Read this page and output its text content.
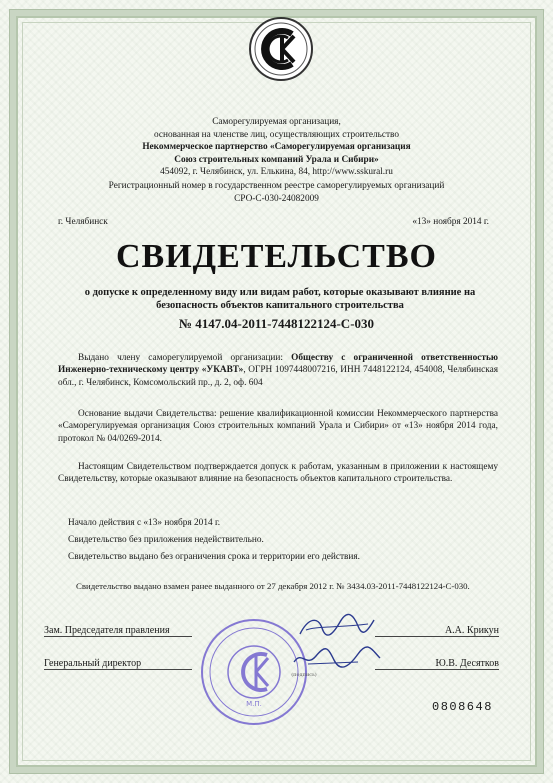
Саморегулируемая организация,
основанная на членстве лиц, осуществляющих строительство
Некоммерческое партнерство «Саморегулируемая организация
Союз строительных компаний Урала и Сибири»
454092, г. Челябинск, ул. Елькина, 84, http://www.sskural.ru
Регистрационный номер в государственном реестре саморегулируемых организаций
СРО-С-030-24082009
г. Челябинск	«13» ноября 2014 г.
СВИДЕТЕЛЬСТВО
о допуске к определенному виду или видам работ, которые оказывают влияние на
безопасность объектов капитального строительства
№ 4147.04-2011-7448122124-С-030
Выдано члену саморегулируемой организации: Обществу с ограниченной ответственностью Инженерно-техническому центру «УКАВТ», ОГРН 1097448007216, ИНН 7448122124, 454008, Челябинская обл., г. Челябинск, Комсомольский пр., д. 2, оф. 604
Основание выдачи Свидетельства: решение квалификационной комиссии Некоммерческого партнерства «Саморегулируемая организация Союз строительных компаний Урала и Сибири» от «13» ноября 2014 года, протокол № 04/0269-2014.
Настоящим Свидетельством подтверждается допуск к работам, указанным в приложении к настоящему Свидетельству, которые оказывают влияние на безопасность объектов капитального строительства.
Начало действия с «13» ноября 2014 г.
Свидетельство без приложения недействительно.
Свидетельство выдано без ограничения срока и территории его действия.
Свидетельство выдано взамен ранее выданного от 27 декабря 2012 г. № 3434.03-2011-7448122124-С-030.
Зам. Председателя правления	А.А. Крикун
Генеральный директор	Ю.В. Десятков
М.П.
(подпись)
0808648
